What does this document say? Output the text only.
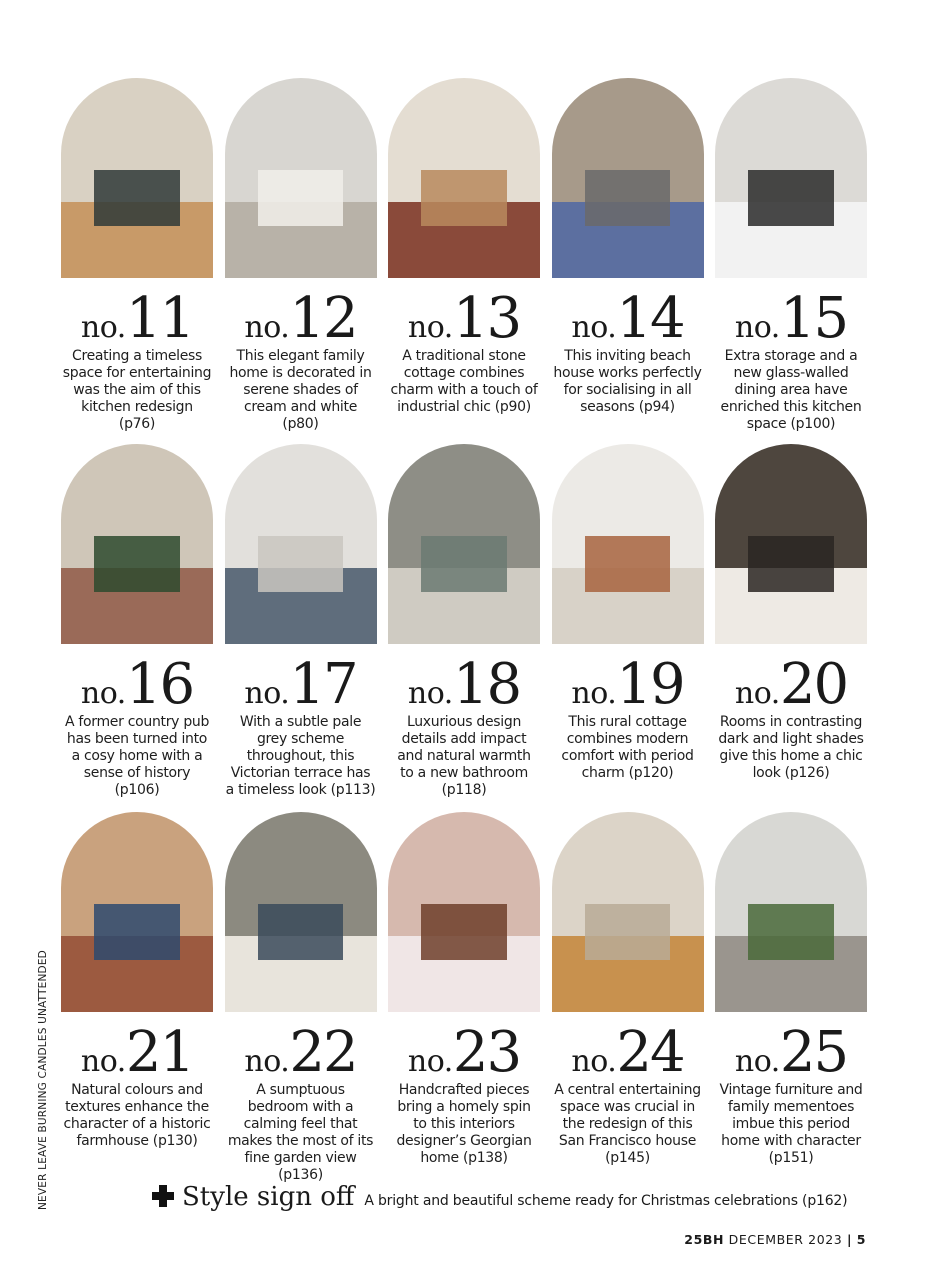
no.11
Creating a timeless space for entertaining was the aim of this kitchen redesign (p76)
no.12
This elegant family home is decorated in serene shades of cream and white (p80)
no.13
A traditional stone cottage combines charm with a touch of industrial chic (p90)
no.14
This inviting beach house works perfectly for socialising in all seasons (p94)
no.15
Extra storage and a new glass-walled dining area have enriched this kitchen space (p100)
no.16
A former country pub has been turned into a cosy home with a sense of history (p106)
no.17
With a subtle pale grey scheme throughout, this Victorian terrace has a timeless look (p113)
no.18
Luxurious design details add impact and natural warmth to a new bathroom (p118)
no.19
This rural cottage combines modern comfort with period charm (p120)
no.20
Rooms in contrasting dark and light shades give this home a chic look (p126)
no.21
Natural colours and textures enhance the character of a historic farmhouse (p130)
no.22
A sumptuous bedroom with a calming feel that makes the most of its fine garden view (p136)
no.23
Handcrafted pieces bring a homely spin to this interiors designer’s Georgian home (p138)
no.24
A central entertaining space was crucial in the redesign of this San Francisco house (p145)
no.25
Vintage furniture and family mementoes imbue this period home with character (p151)
NEVER LEAVE BURNING CANDLES UNATTENDED	Style sign off A bright and beautiful scheme ready for Christmas celebrations (p162)
25BH DECEMBER 2023 | 5
